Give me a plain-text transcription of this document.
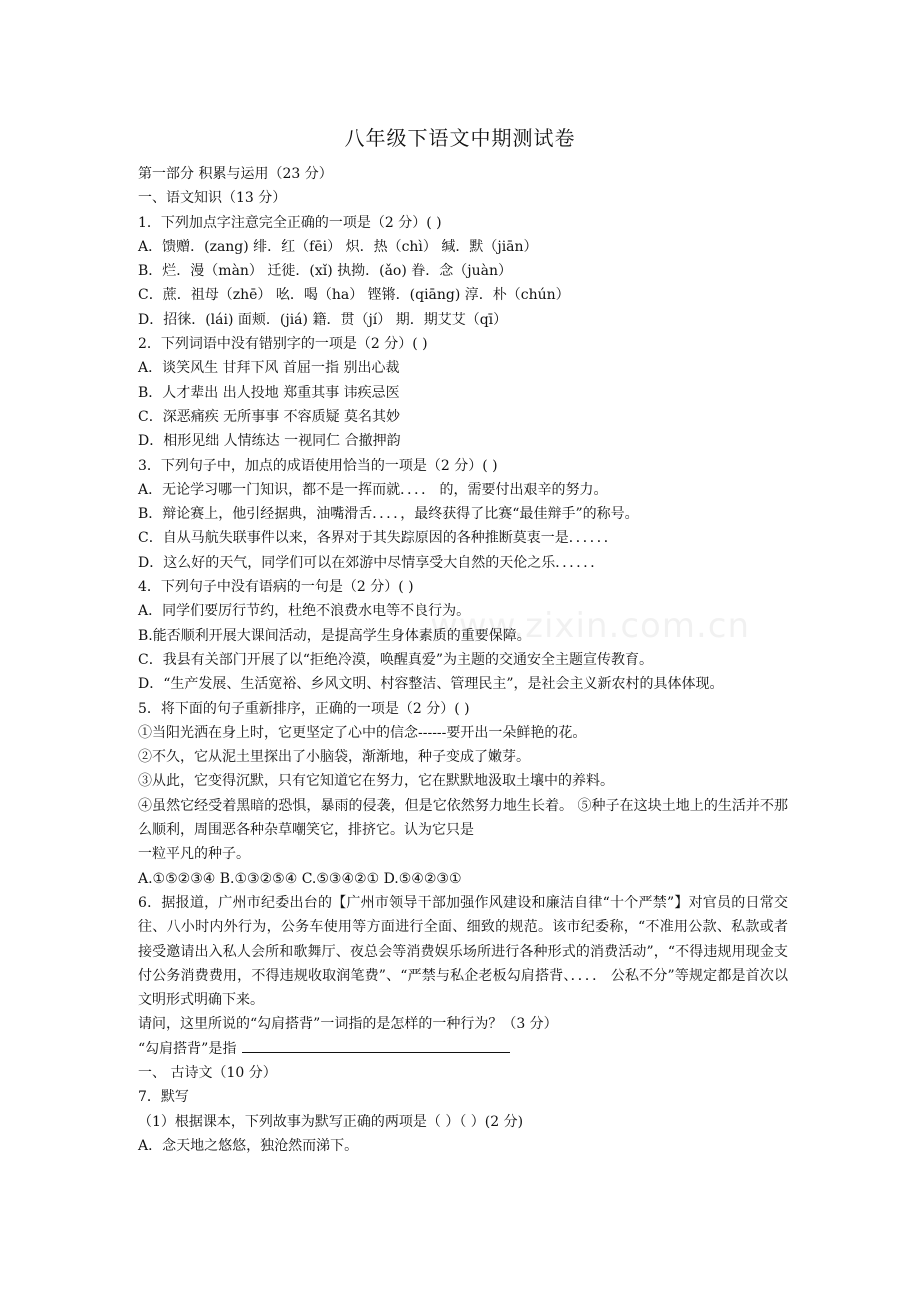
八年级下语文中期测试卷
第一部分 积累与运用（23 分）
一、语文知识（13 分）
1．下列加点字注意完全正确的一项是（2 分）( )
A．馈赠．(zang) 绯．红（fēi） 炽．热（chì） 缄．默（jiān）
B．烂．漫（màn） 迁徙．(xǐ) 执拗．(ǎo) 眷．念（juàn）
C．蔗．祖母（zhē） 吆．喝（ha） 铿锵．(qiāng) 淳．朴（chún）
D．招徕．(lái) 面颊．(jiá) 籍．贯（jí） 期．期艾艾（qī）
2．下列词语中没有错别字的一项是（2 分）( )
A．谈笑风生 甘拜下风 首屈一指 别出心裁
B．人才辈出 出人投地 郑重其事 讳疾忌医
C．深恶痛疾 无所事事 不容质疑 莫名其妙
D．相形见绌 人情练达 一视同仁 合撤押韵
3．下列句子中，加点的成语使用恰当的一项是（2 分）( )
A．无论学习哪一门知识，都不是一挥而就．．．． 的，需要付出艰辛的努力。
B．辩论赛上，他引经据典，油嘴滑舌．．．．，最终获得了比赛“最佳辩手”的称号。
C．自从马航失联事件以来，各界对于其失踪原因的各种推断莫衷一是．．．．．．
D．这么好的天气，同学们可以在郊游中尽情享受大自然的天伦之乐．．．．．．
4．下列句子中没有语病的一句是（2 分）( )
A．同学们要厉行节约，杜绝不浪费水电等不良行为。
B.能否顺利开展大课间活动，是提高学生身体素质的重要保障。
C．我县有关部门开展了以“拒绝冷漠，唤醒真爱”为主题的交通安全主题宣传教育。
D．“生产发展、生活宽裕、乡风文明、村容整洁、管理民主”，是社会主义新农村的具体体现。
5．将下面的句子重新排序，正确的一项是（2 分）( )
①当阳光洒在身上时，它更坚定了心中的信念------要开出一朵鲜艳的花。
②不久，它从泥土里探出了小脑袋，渐渐地，种子变成了嫩芽。
③从此，它变得沉默，只有它知道它在努力，它在默默地汲取土壤中的养料。
④虽然它经受着黑暗的恐惧，暴雨的侵袭，但是它依然努力地生长着。 ⑤种子在这块土地上的生活并不那么顺利，周围恶各种杂草嘲笑它，排挤它。认为它只是
一粒平凡的种子。
A.①⑤②③④ B.①③②⑤④ C.⑤③④②① D.⑤④②③①
6．据报道，广州市纪委出台的【广州市领导干部加强作风建设和廉洁自律“十个严禁”】对官员的日常交往、八小时内外行为，公务车使用等方面进行全面、细致的规范。该市纪委称，“不准用公款、私款或者接受邀请出入私人会所和歌舞厅、夜总会等消费娱乐场所进行各种形式的消费活动”，“不得违规用现金支付公务消费费用，不得违规收取润笔费”、“严禁与私企老板勾肩搭背、．．．． 公私不分”等规定都是首次以文明形式明确下来。
请问，这里所说的“勾肩搭背”一词指的是怎样的一种行为？（3 分）
“勾肩搭背”是指
一、 古诗文（10 分）
7．默写
（1）根据课本，下列故事为默写正确的两项是（ ）（ ）(2 分)
A．念天地之悠悠，独沧然而涕下。
www.zixin.com.cn
